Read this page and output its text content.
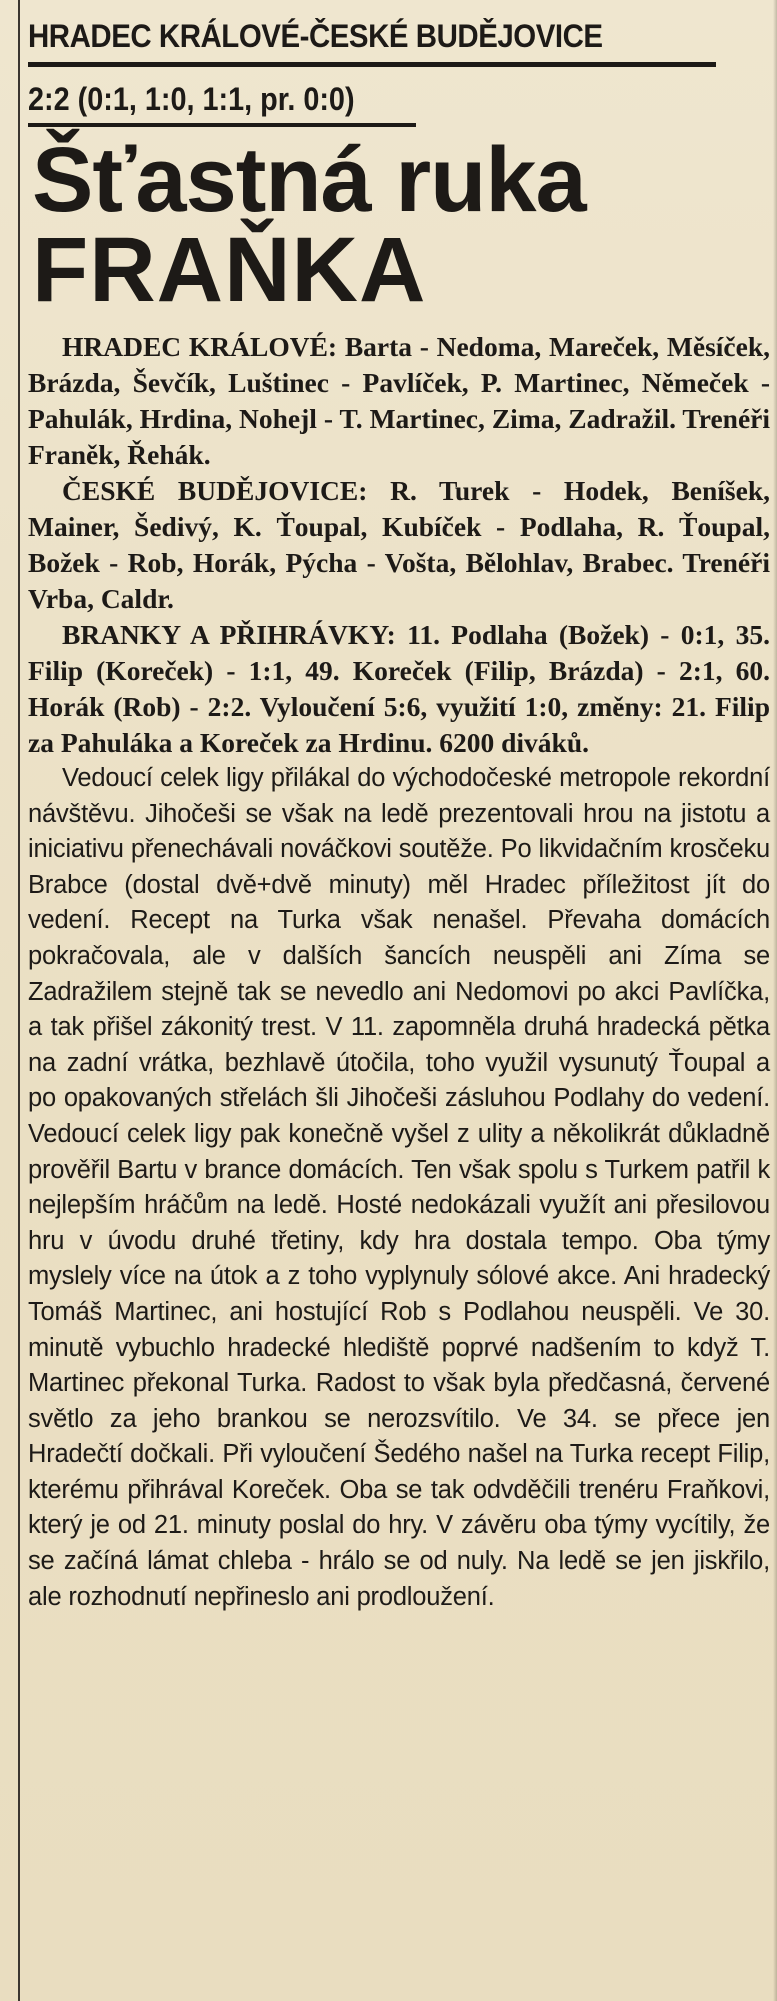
HRADEC KRÁLOVÉ-ČESKÉ BUDĚJOVICE
2:2 (0:1, 1:0, 1:1, pr. 0:0)
Šťastná ruka
FRAŇKA

HRADEC KRÁLOVÉ: Barta - Nedoma, Mareček, Měsíček, Brázda, Ševčík, Luštinec - Pavlíček, P. Martinec, Němeček - Pahulák, Hrdina, Nohejl - T. Martinec, Zima, Zadražil. Trenéři Franěk, Řehák.

ČESKÉ BUDĚJOVICE: R. Turek - Hodek, Beníšek, Mainer, Šedivý, K. Ťoupal, Kubíček - Podlaha, R. Ťoupal, Božek - Rob, Horák, Pýcha - Vošta, Bělohlav, Brabec. Trenéři Vrba, Caldr.

BRANKY A PŘIHRÁVKY: 11. Podlaha (Božek) - 0:1, 35. Filip (Koreček) - 1:1, 49. Koreček (Filip, Brázda) - 2:1, 60. Horák (Rob) - 2:2. Vyloučení 5:6, využití 1:0, změny: 21. Filip za Pahuláka a Koreček za Hrdinu. 6200 diváků.

Vedoucí celek ligy přilákal do východočeské metropole rekordní návštěvu. Jihočeši se však na ledě prezentovali hrou na jistotu a iniciativu přenechávali nováčkovi soutěže. Po likvidačním krosčeku Brabce (dostal dvě+dvě minuty) měl Hradec příležitost jít do vedení. Recept na Turka však nenašel. Převaha domácích pokračovala, ale v dalších šancích neuspěli ani Zíma se Zadražilem stejně tak se nevedlo ani Nedomovi po akci Pavlíčka, a tak přišel zákonitý trest. V 11. zapomněla druhá hradecká pětka na zadní vrátka, bezhlavě útočila, toho využil vysunutý Ťoupal a po opakovaných střelách šli Jihočeši zásluhou Podlahy do vedení. Vedoucí celek ligy pak konečně vyšel z ulity a několikrát důkladně prověřil Bartu v brance domácích. Ten však spolu s Turkem patřil k nejlepším hráčům na ledě. Hosté nedokázali využít ani přesilovou hru v úvodu druhé třetiny, kdy hra dostala tempo. Oba týmy myslely více na útok a z toho vyplynuly sólové akce. Ani hradecký Tomáš Martinec, ani hostující Rob s Podlahou neuspěli. Ve 30. minutě vybuchlo hradecké hlediště poprvé nadšením to když T. Martinec překonal Turka. Radost to však byla předčasná, červené světlo za jeho brankou se nerozsvítilo. Ve 34. se přece jen Hradečtí dočkali. Při vyloučení Šedého našel na Turka recept Filip, kterému přihrával Koreček. Oba se tak odvděčili trenéru Fraňkovi, který je od 21. minuty poslal do hry. V závěru oba týmy vycítily, že se začíná lámat chleba - hrálo se od nuly. Na ledě se jen jiskřilo, ale rozhodnutí nepřineslo ani prodloužení.
